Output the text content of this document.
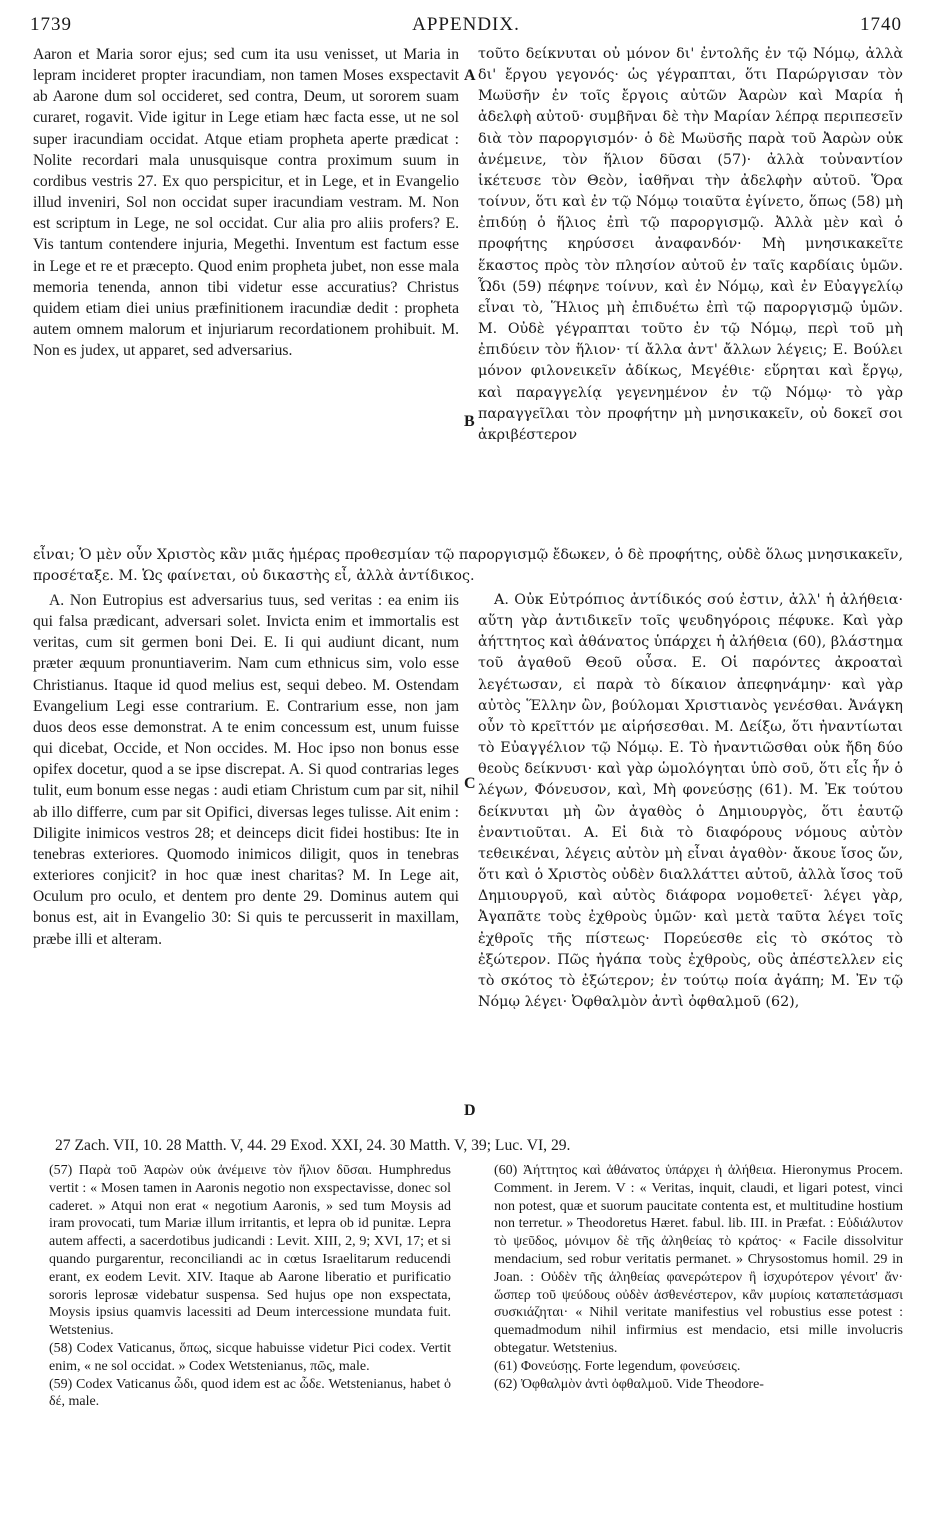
1739	APPENDIX.	1740

Aaron et Maria soror ejus; sed cum ita usu venisset, ut Maria in lepram incideret propter iracundiam, non tamen Moses exspectavit ab Aarone dum sol occideret, sed contra, Deum, ut sororem suam curaret, rogavit. Vide igitur in Lege etiam hæc facta esse, ut ne sol super iracundiam occidat. Atque etiam propheta aperte prædicat : Nolite recordari mala unusquisque contra proximum suum in cordibus vestris 27. Ex quo perspicitur, et in Lege, et in Evangelio illud inveniri, Sol non occidat super iracundiam vestram. M. Non est scriptum in Lege, ne sol occidat. Cur alia pro aliis profers? E. Vis tantum contendere injuria, Megethi. Inventum est factum esse in Lege et re et præcepto. Quod enim propheta jubet, non esse mala memoria tenenda, annon tibi videtur esse accuratius? Christus quidem etiam diei unius præfinitionem iracundiæ dedit : propheta autem omnem malorum et injuriarum recordationem prohibuit. M. Non es judex, ut apparet, sed adversarius.

τοῦτο δείκνυται οὐ μόνον δι' ἐντολῆς ἐν τῷ Νόμῳ, ἀλλὰ δι' ἔργου γεγονός· ὡς γέγραπται, ὅτι Παρώργισαν τὸν Μωϋσῆν ἐν τοῖς ἔργοις αὐτῶν Ἀαρὼν καὶ Μαρία ἡ ἀδελφὴ αὐτοῦ· συμβῆναι δὲ τὴν Μαρίαν λέπρᾳ περιπεσεῖν διὰ τὸν παροργισμόν· ὁ δὲ Μωϋσῆς παρὰ τοῦ Ἀαρὼν οὐκ ἀνέμεινε, τὸν ἥλιον δῦσαι (57)· ἀλλὰ τοὐναντίον ἱκέτευσε τὸν Θεὸν, ἰαθῆναι τὴν ἀδελφὴν αὐτοῦ. Ὅρα τοίνυν, ὅτι καὶ ἐν τῷ Νόμῳ τοιαῦτα ἐγίνετο, ὅπως (58) μὴ ἐπιδύῃ ὁ ἥλιος ἐπὶ τῷ παροργισμῷ. Ἀλλὰ μὲν καὶ ὁ προφήτης κηρύσσει ἀναφανδόν· Μὴ μνησικακεῖτε ἕκαστος πρὸς τὸν πλησίον αὐτοῦ ἐν ταῖς καρδίαις ὑμῶν. Ὧδι (59) πέφηνε τοίνυν, καὶ ἐν Νόμῳ, καὶ ἐν Εὐαγγελίῳ εἶναι τὸ, Ἥλιος μὴ ἐπιδυέτω ἐπὶ τῷ παροργισμῷ ὑμῶν. Μ. Οὐδὲ γέγραπται τοῦτο ἐν τῷ Νόμῳ, περὶ τοῦ μὴ ἐπιδύειν τὸν ἥλιον· τί ἄλλα ἀντ' ἄλλων λέγεις; Ε. Βούλει μόνον φιλονεικεῖν ἀδίκως, Μεγέθιε· εὕρηται καὶ ἔργῳ, καὶ παραγγελίᾳ γεγενημένον ἐν τῷ Νόμῳ· τὸ γὰρ παραγγεῖλαι τὸν προφήτην μὴ μνησικακεῖν, οὐ δοκεῖ σοι ἀκριβέστερον

εἶναι; Ὁ μὲν οὖν Χριστὸς κἂν μιᾶς ἡμέρας προθεσμίαν τῷ παροργισμῷ ἔδωκεν, ὁ δὲ προφήτης, οὐδὲ ὅλως μνησικακεῖν, προσέταξε. Μ. Ὡς φαίνεται, οὐ δικαστὴς εἶ, ἀλλὰ ἀντίδικος.

A. Non Eutropius est adversarius tuus, sed veritas : ea enim iis qui falsa prædicant, adversari solet. Invicta enim et immortalis est veritas, cum sit germen boni Dei. E. Ii qui audiunt dicant, num præter æquum pronuntiaverim. Nam cum ethnicus sim, volo esse Christianus. Itaque id quod melius est, sequi debeo. M. Ostendam Evangelium Legi esse contrarium. E. Contrarium esse, non jam duos deos esse demonstrat. A te enim concessum est, unum fuisse qui dicebat, Occide, et Non occides. M. Hoc ipso non bonus esse opifex docetur, quod a se ipse discrepat. A. Si quod contrarias leges tulit, eum bonum esse negas : audi etiam Christum cum par sit, nihil ab illo differre, cum par sit Opifici, diversas leges tulisse. Ait enim : Diligite inimicos vestros 28; et deinceps dicit fidei hostibus: Ite in tenebras exteriores. Quomodo inimicos diligit, quos in tenebras exteriores conjicit? in hoc quæ inest charitas? M. In Lege ait, Oculum pro oculo, et dentem pro dente 29. Dominus autem qui bonus est, ait in Evangelio 30: Si quis te percusserit in maxillam, præbe illi et alteram.

Α. Οὐκ Εὐτρόπιος ἀντίδικός σού ἐστιν, ἀλλ' ἡ ἀλήθεια· αὕτη γὰρ ἀντιδικεῖν τοῖς ψευδηγόροις πέφυκε. Καὶ γὰρ ἀήττητος καὶ ἀθάνατος ὑπάρχει ἡ ἀλήθεια (60), βλάστημα τοῦ ἀγαθοῦ Θεοῦ οὖσα. Ε. Οἱ παρόντες ἀκροαταὶ λεγέτωσαν, εἰ παρὰ τὸ δίκαιον ἀπεφηνάμην· καὶ γὰρ αὐτὸς Ἕλλην ὢν, βούλομαι Χριστιανὸς γενέσθαι. Ἀνάγκη οὖν τὸ κρεῖττόν με αἱρήσεσθαι. Μ. Δείξω, ὅτι ἠναντίωται τὸ Εὐαγγέλιον τῷ Νόμῳ. Ε. Τὸ ἠναντιῶσθαι οὐκ ἤδη δύο θεοὺς δείκνυσι· καὶ γὰρ ὡμολόγηται ὑπὸ σοῦ, ὅτι εἷς ἦν ὁ λέγων, Φόνευσον, καὶ, Μὴ φονεύσῃς (61). Μ. Ἐκ τούτου δείκνυται μὴ ὢν ἀγαθὸς ὁ Δημιουργὸς, ὅτι ἑαυτῷ ἐναντιοῦται. Α. Εἰ διὰ τὸ διαφόρους νόμους αὐτὸν τεθεικέναι, λέγεις αὐτὸν μὴ εἶναι ἀγαθὸν· ἄκουε ἴσος ὤν, ὅτι καὶ ὁ Χριστὸς οὐδὲν διαλλάττει αὐτοῦ, ἀλλὰ ἴσος τοῦ Δημιουργοῦ, καὶ αὐτὸς διάφορα νομοθετεῖ· λέγει γὰρ, Ἀγαπᾶτε τοὺς ἐχθροὺς ὑμῶν· καὶ μετὰ ταῦτα λέγει τοῖς ἐχθροῖς τῆς πίστεως· Πορεύεσθε εἰς τὸ σκότος τὸ ἐξώτερον. Πῶς ἠγάπα τοὺς ἐχθροὺς, οὓς ἀπέστελλεν εἰς τὸ σκότος τὸ ἐξώτερον; ἐν τούτῳ ποία ἀγάπη; Μ. Ἐν τῷ Νόμῳ λέγει· Ὀφθαλμὸν ἀντὶ ὀφθαλμοῦ (62),

A
B
C
D
27 Zach. VII, 10. 28 Matth. V, 44. 29 Exod. XXI, 24. 30 Matth. V, 39; Luc. VI, 29.

(57) Παρὰ τοῦ Ἀαρὼν οὐκ ἀνέμεινε τὸν ἥλιον δῦσαι. Humphredus vertit : « Mosen tamen in Aaronis negotio non exspectavisse, donec sol caderet. » Atqui non erat « negotium Aaronis, » sed tum Moysis ad iram provocati, tum Mariæ illum irritantis, et lepra ob id punitæ. Lepra autem affecti, a sacerdotibus judicandi : Levit. XIII, 2, 9; XVI, 17; et si quando purgarentur, reconciliandi ac in cœtus Israelitarum reducendi erant, ex eodem Levit. XIV. Itaque ab Aarone liberatio et purificatio sororis leprosæ videbatur suspensa. Sed hujus ope non exspectata, Moysis ipsius quamvis lacessiti ad Deum intercessione mundata fuit. Wetstenius.

(58) Codex Vaticanus, ὅπως, sicque habuisse videtur Pici codex. Vertit enim, « ne sol occidat. » Codex Wetstenianus, πῶς, male.

(59) Codex Vaticanus ὧδι, quod idem est ac ὧδε. Wetstenianus, habet ὁ δέ, male.

(60) Ἀήττητος καὶ ἀθάνατος ὑπάρχει ἡ ἀλήθεια. Hieronymus Procem. Comment. in Jerem. V : « Veritas, inquit, claudi, et ligari potest, vinci non potest, quæ et suorum paucitate contenta est, et multitudine hostium non terretur. » Theodoretus Hæret. fabul. lib. III. in Præfat. : Εὐδιάλυτον τὸ ψεῦδος, μόνιμον δὲ τῆς ἀληθείας τὸ κράτος· « Facile dissolvitur mendacium, sed robur veritatis permanet. » Chrysostomus homil. 29 in Joan. : Οὐδὲν τῆς ἀληθείας φανερώτερον ἢ ἰσχυρότερον γένοιτ' ἄν· ὥσπερ τοῦ ψεύδους οὐδὲν ἀσθενέστερον, κἂν μυρίοις καταπετάσμασι συσκιάζηται· « Nihil veritate manifestius vel robustius esse potest : quemadmodum nihil infirmius est mendacio, etsi mille involucris obtegatur. Wetstenius.

(61) Φονεύσῃς. Forte legendum, φονεύσεις.

(62) Ὀφθαλμὸν ἀντὶ ὀφθαλμοῦ. Vide Theodore-
